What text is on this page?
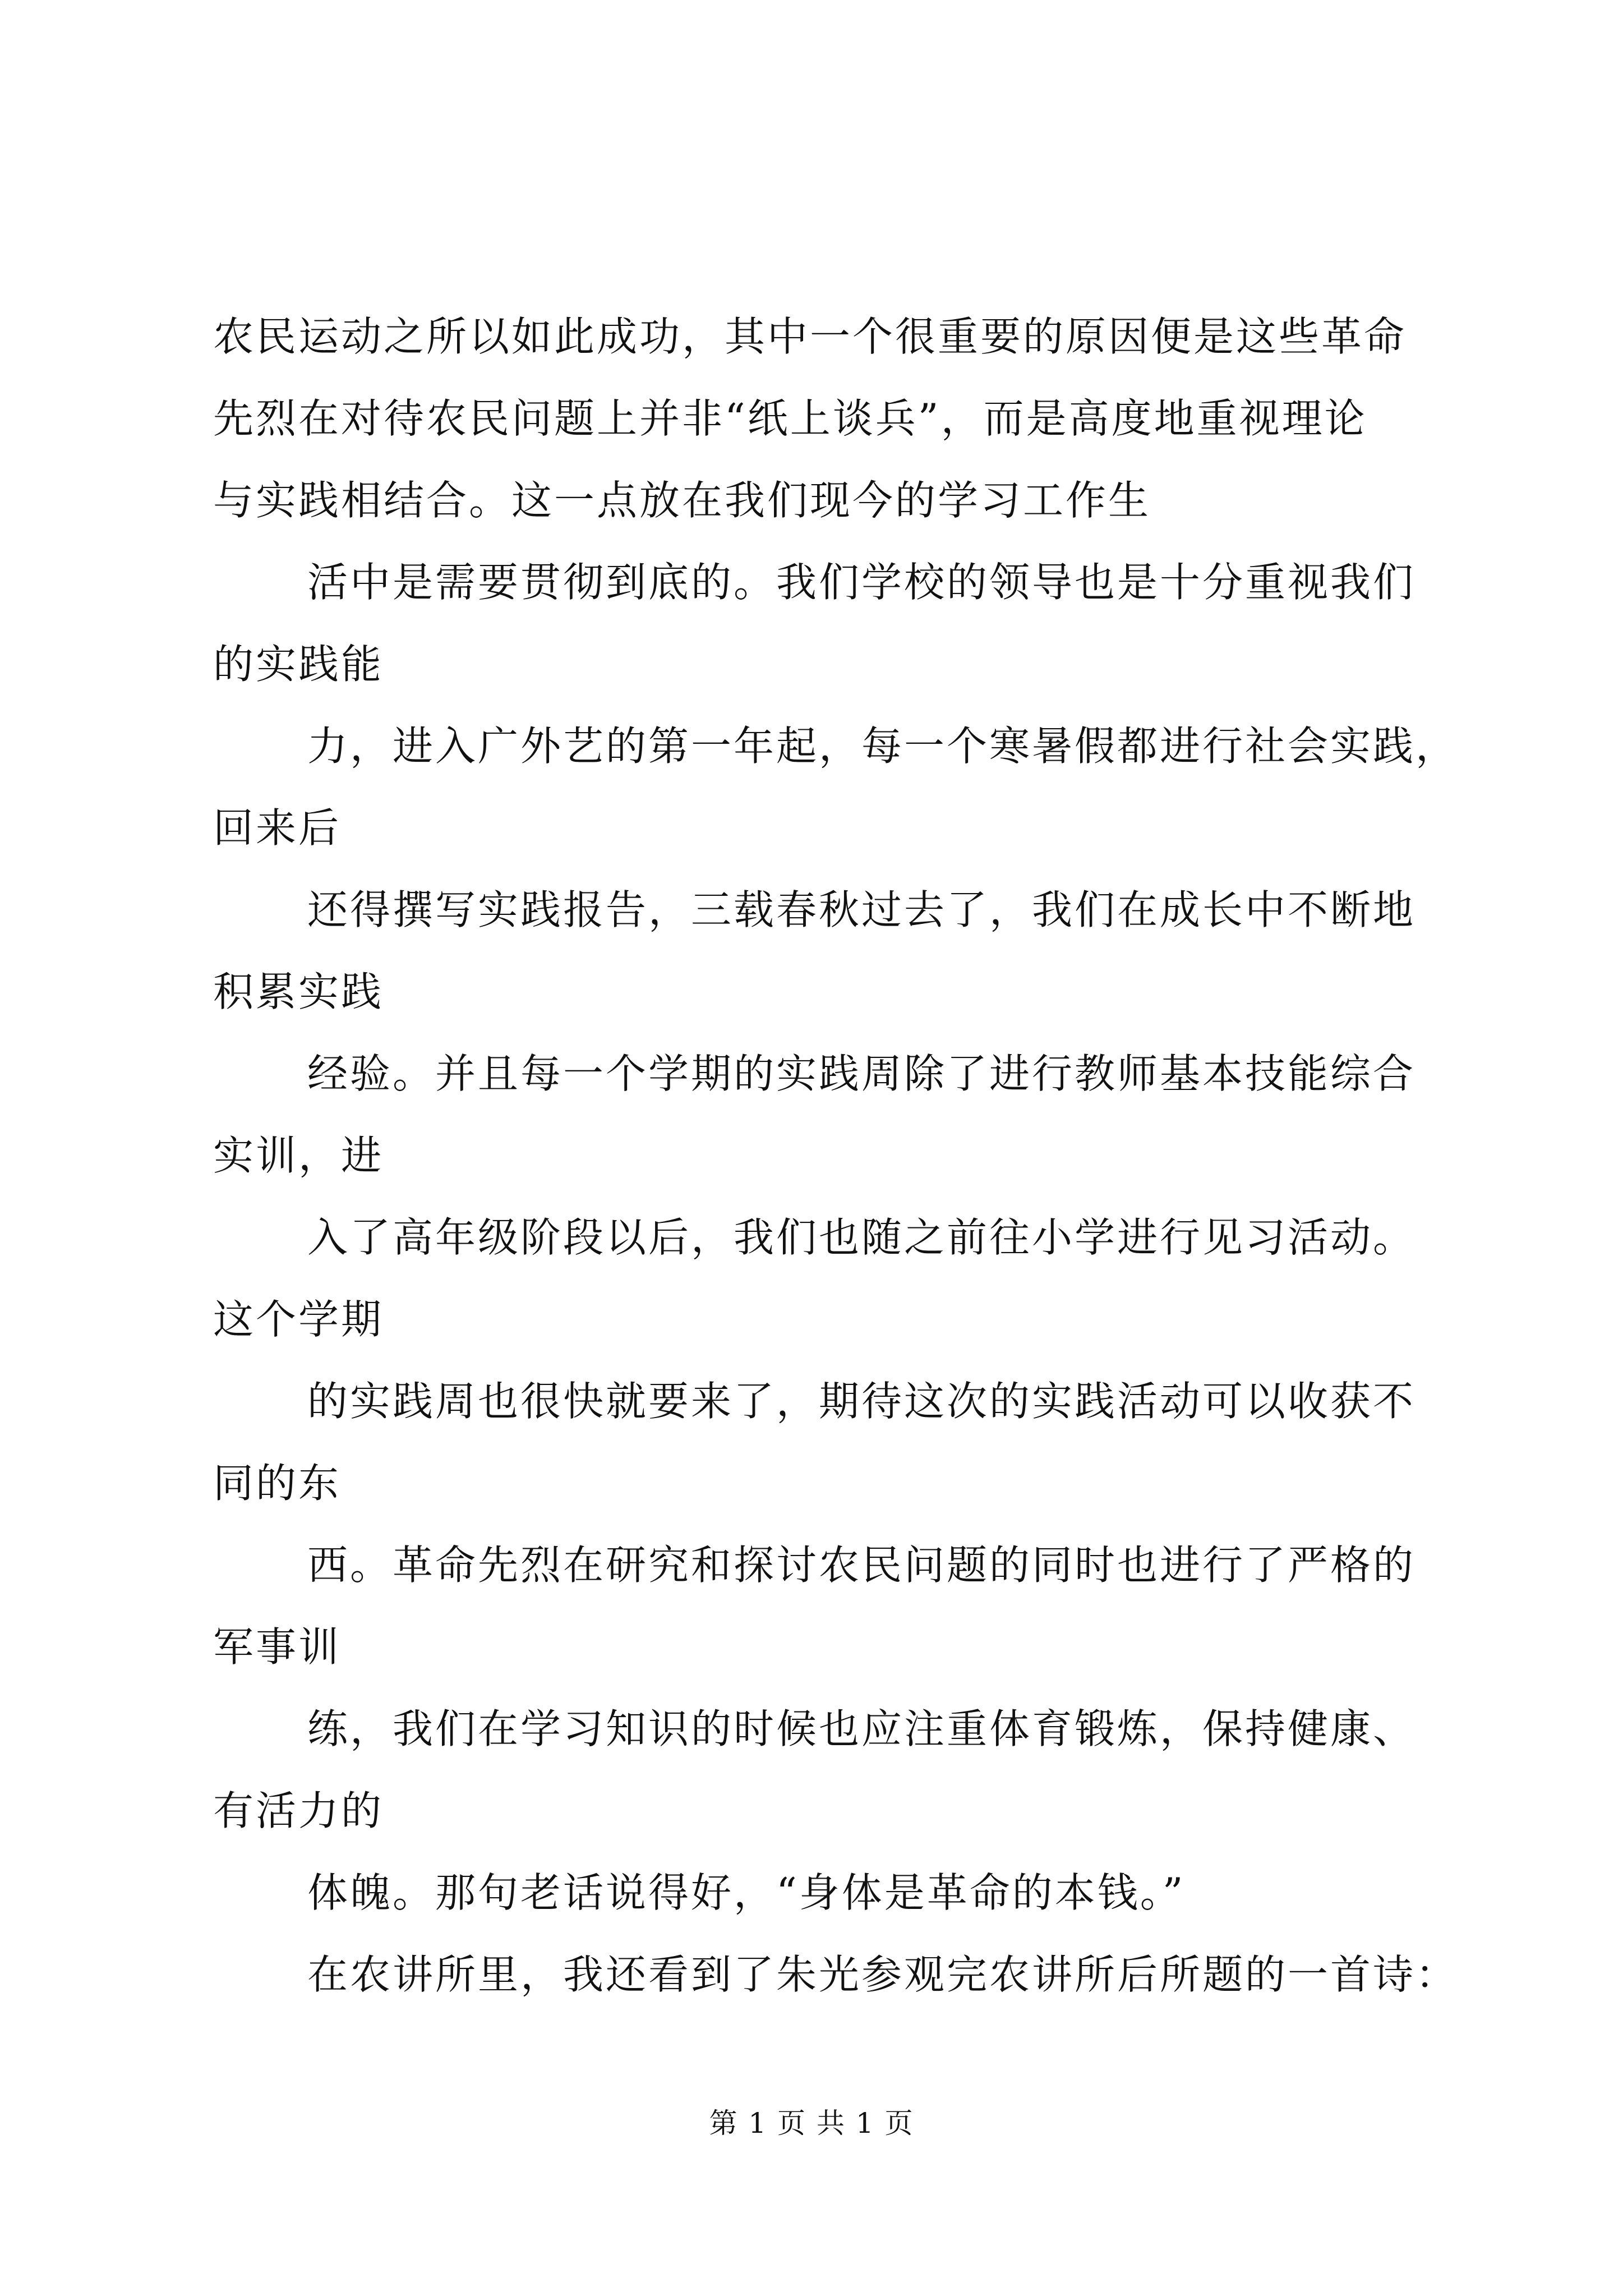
农民运动之所以如此成功，其中一个很重要的原因便是这些革命
先烈在对待农民问题上并非“纸上谈兵”，而是高度地重视理论
与实践相结合。这一点放在我们现今的学习工作生
活中是需要贯彻到底的。我们学校的领导也是十分重视我们
的实践能
力，进入广外艺的第一年起，每一个寒暑假都进行社会实践，
回来后
还得撰写实践报告，三载春秋过去了，我们在成长中不断地
积累实践
经验。并且每一个学期的实践周除了进行教师基本技能综合
实训，进
入了高年级阶段以后，我们也随之前往小学进行见习活动。
这个学期
的实践周也很快就要来了，期待这次的实践活动可以收获不
同的东
西。革命先烈在研究和探讨农民问题的同时也进行了严格的
军事训
练，我们在学习知识的时候也应注重体育锻炼，保持健康、
有活力的
体魄。那句老话说得好，“身体是革命的本钱。”
在农讲所里，我还看到了朱光参观完农讲所后所题的一首诗：
第 1 页 共 1 页
